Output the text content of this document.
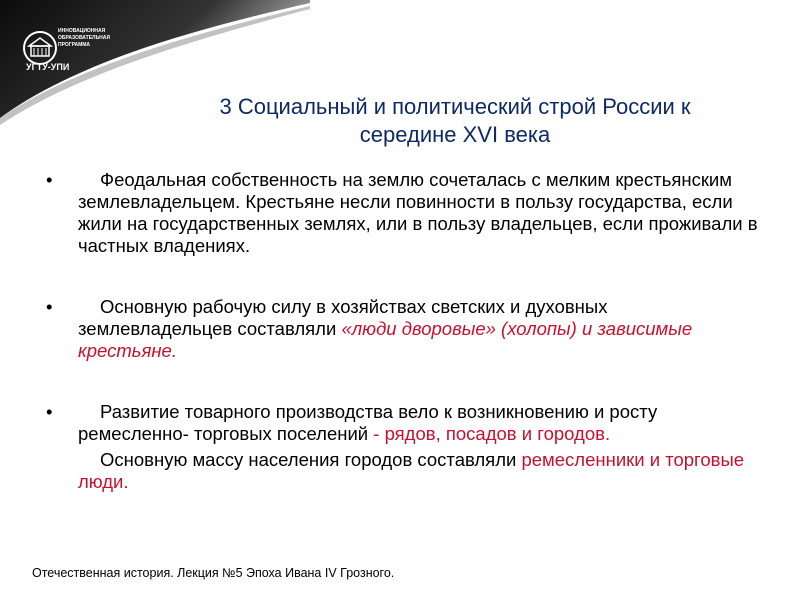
ИННОВАЦИОННАЯ
ОБРАЗОВАТЕЛЬНАЯ
ПРОГРАММА
УГТУ-УПИ
3 Социальный и политический строй России к
середине XVI века
•	Феодальная собственность на землю сочеталась с мелким крестьянским землевладельцем. Крестьяне несли повинности в пользу государства, если жили на государственных землях, или в пользу владельцев, если проживали в частных владениях.
•	Основную рабочую силу в хозяйствах светских и духовных землевладельцев составляли «люди дворовые» (холопы) и зависимые крестьяне.
•	Развитие товарного производства вело к возникновению и росту ремесленно- торговых поселений - рядов, посадов и городов.
Основную массу населения городов составляли ремесленники и торговые люди.
Отечественная история. Лекция №5 Эпоха Ивана IV Грозного.
